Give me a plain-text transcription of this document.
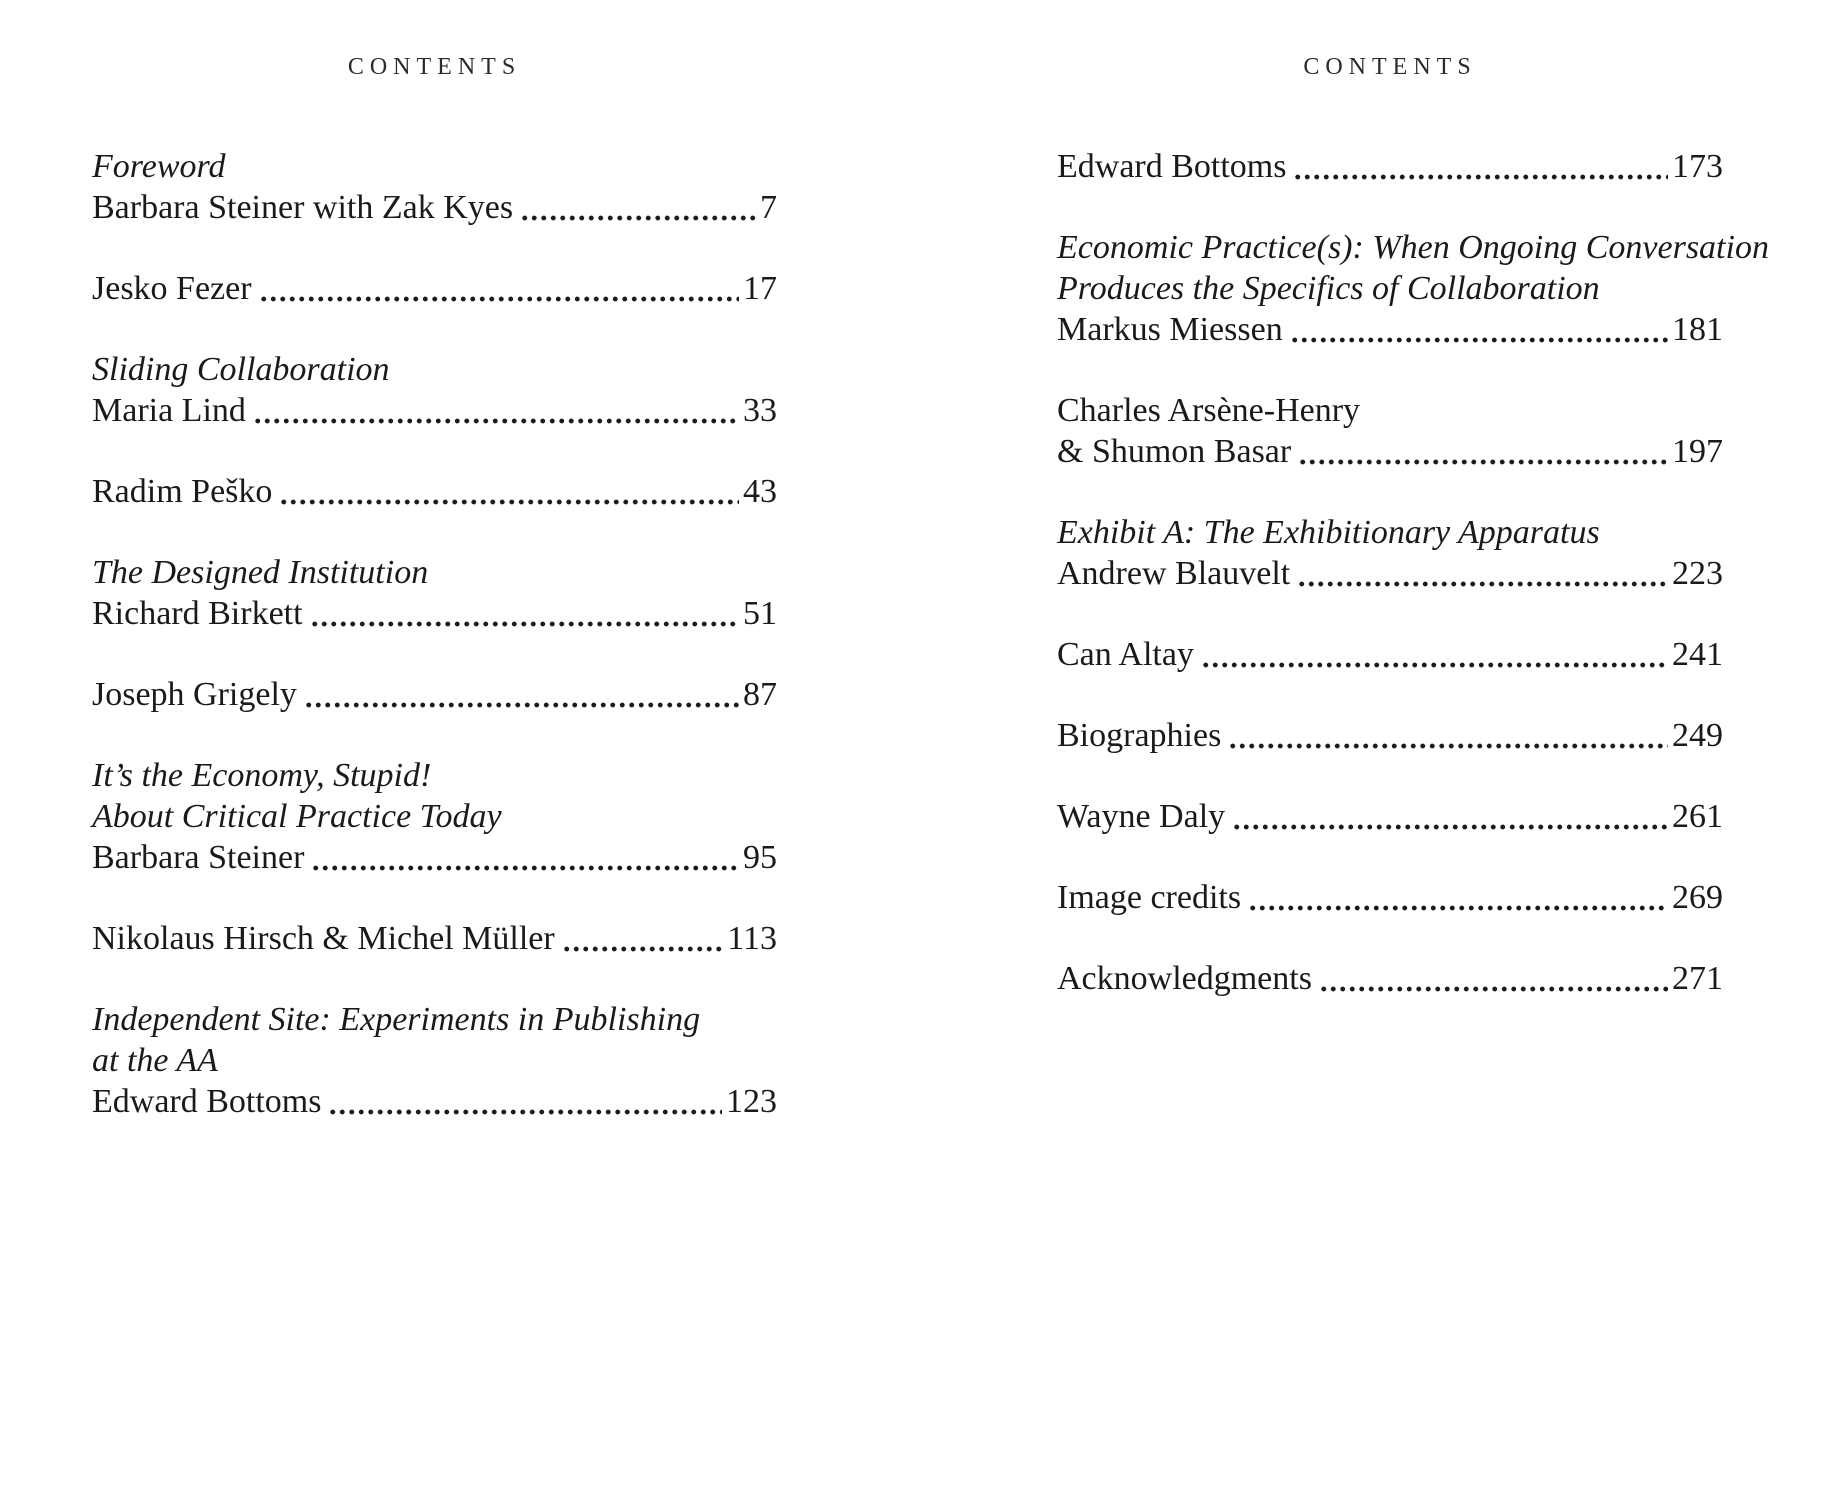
CONTENTS
Foreword
Barbara Steiner with Zak Kyes	7
Jesko Fezer	17
Sliding Collaboration
Maria Lind	33
Radim Peško	43
The Designed Institution
Richard Birkett	51
Joseph Grigely	87
It’s the Economy, Stupid!
About Critical Practice Today
Barbara Steiner	95
Nikolaus Hirsch & Michel Müller	113
Independent Site: Experiments in Publishing
at the AA
Edward Bottoms	123
CONTENTS
Edward Bottoms	173
Economic Practice(s): When Ongoing Conversation
Produces the Specifics of Collaboration
Markus Miessen	181
Charles Arsène-Henry
& Shumon Basar	197
Exhibit A: The Exhibitionary Apparatus
Andrew Blauvelt	223
Can Altay	241
Biographies	249
Wayne Daly	261
Image credits	269
Acknowledgments	271
